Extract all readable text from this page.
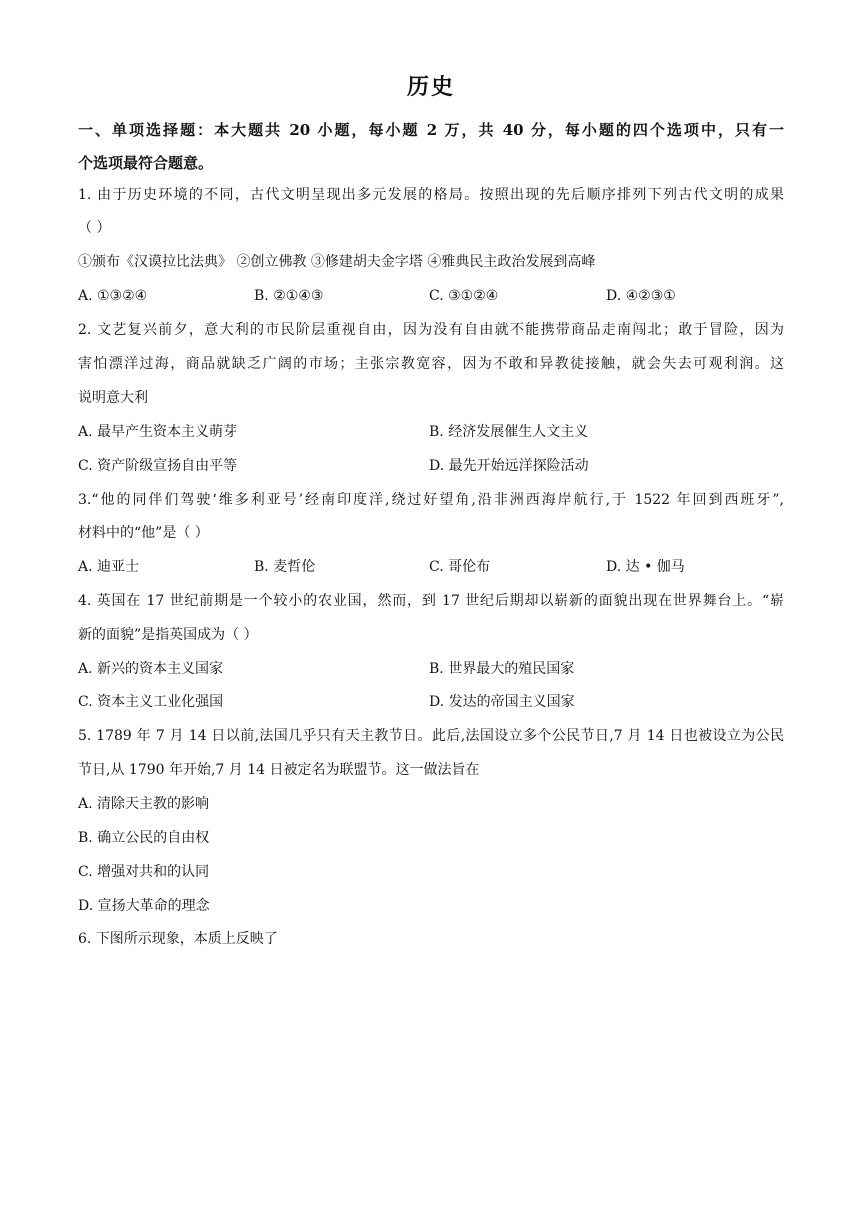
历史
一、单项选择题：本大题共 20 小题，每小题 2 万，共 40 分，每小题的四个选项中，只有一
个选项最符合题意。
1. 由于历史环境的不同，古代文明呈现出多元发展的格局。按照出现的先后顺序排列下列古代文明的成果
（ ）
①颁布《汉谟拉比法典》 ②创立佛教 ③修建胡夫金字塔 ④雅典民主政治发展到高峰
A. ①③②④	B. ②①④③	C. ③①②④	D. ④②③①
2. 文艺复兴前夕，意大利的市民阶层重视自由，因为没有自由就不能携带商品走南闯北；敢于冒险，因为
害怕漂洋过海，商品就缺乏广阔的市场；主张宗教宽容，因为不敢和异教徒接触，就会失去可观利润。这
说明意大利
A. 最早产生资本主义萌芽	B. 经济发展催生人文主义
C. 资产阶级宣扬自由平等	D. 最先开始远洋探险活动
3.“他的同伴们驾驶‘维多利亚号’经南印度洋,绕过好望角,沿非洲西海岸航行,于 1522 年回到西班牙”,
材料中的“他”是（ ）
A. 迪亚士	B. 麦哲伦	C. 哥伦布	D. 达 • 伽马
4. 英国在 17 世纪前期是一个较小的农业国，然而，到 17 世纪后期却以崭新的面貌出现在世界舞台上。“崭
新的面貌”是指英国成为（ ）
A. 新兴的资本主义国家	B. 世界最大的殖民国家
C. 资本主义工业化强国	D. 发达的帝国主义国家
5. 1789 年 7 月 14 日以前,法国几乎只有天主教节日。此后,法国设立多个公民节日,7 月 14 日也被设立为公民
节日,从 1790 年开始,7 月 14 日被定名为联盟节。这一做法旨在
A. 清除天主教的影响
B. 确立公民的自由权
C. 增强对共和的认同
D. 宣扬大革命的理念
6. 下图所示现象，本质上反映了
